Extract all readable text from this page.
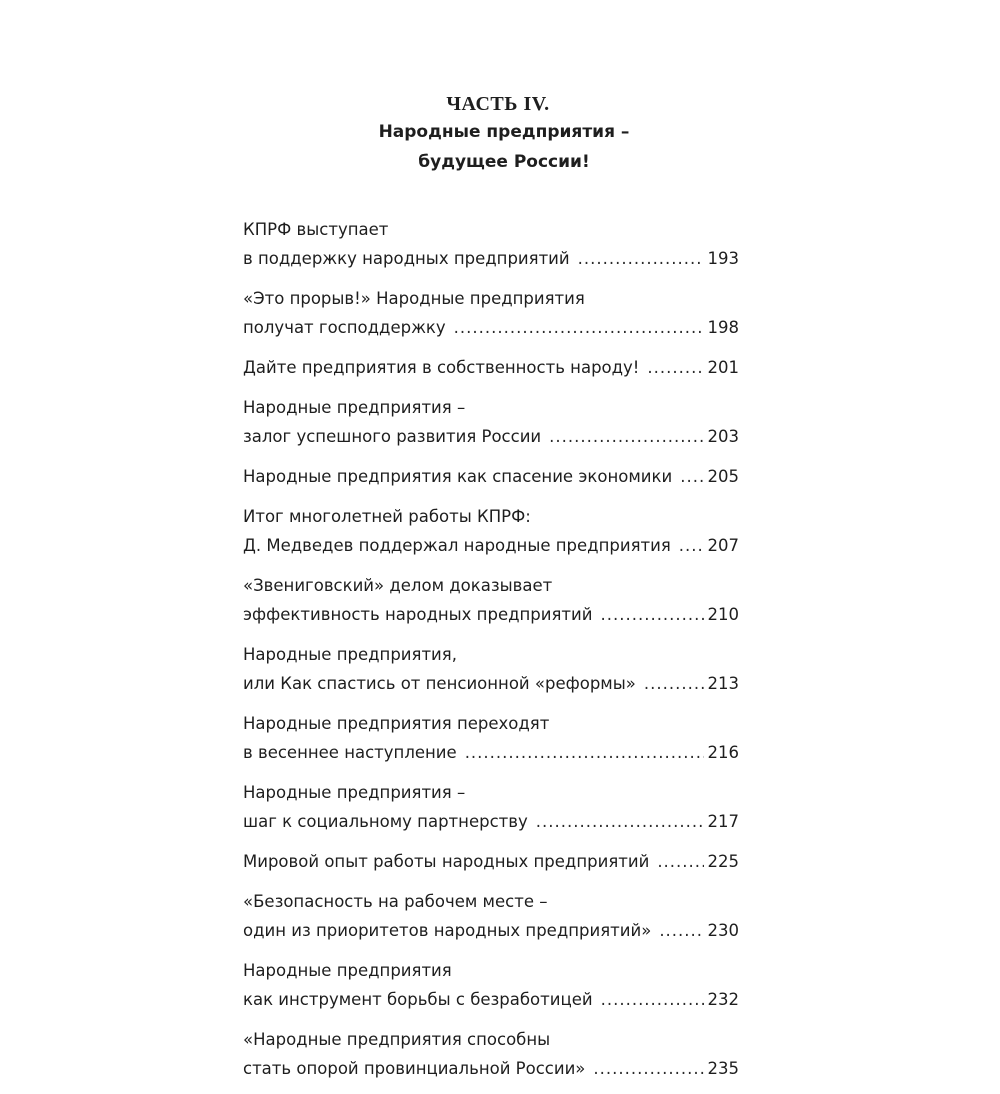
ЧАСТЬ IV.
Народные предприятия –
будущее России!
КПРФ выступает
в поддержку народных предприятий .....	193
«Это прорыв!» Народные предприятия
получат господдержку .....	198
Дайте предприятия в собственность народу! .....	201
Народные предприятия –
залог успешного развития России .....	203
Народные предприятия как спасение экономики ..... 205
Итог многолетней работы КПРФ:
Д. Медведев поддержал народные предприятия ..... 207
«Звениговский» делом доказывает
эффективность народных предприятий .....	210
Народные предприятия,
или Как спастись от пенсионной «реформы» .....	213
Народные предприятия переходят
в весеннее наступление .....	216
Народные предприятия –
шаг к социальному партнерству .....	217
Мировой опыт работы народных предприятий .....	225
«Безопасность на рабочем месте –
один из приоритетов народных предприятий» .....	230
Народные предприятия
как инструмент борьбы с безработицей .....	232
«Народные предприятия способны
стать опорой провинциальной России» .....	235
